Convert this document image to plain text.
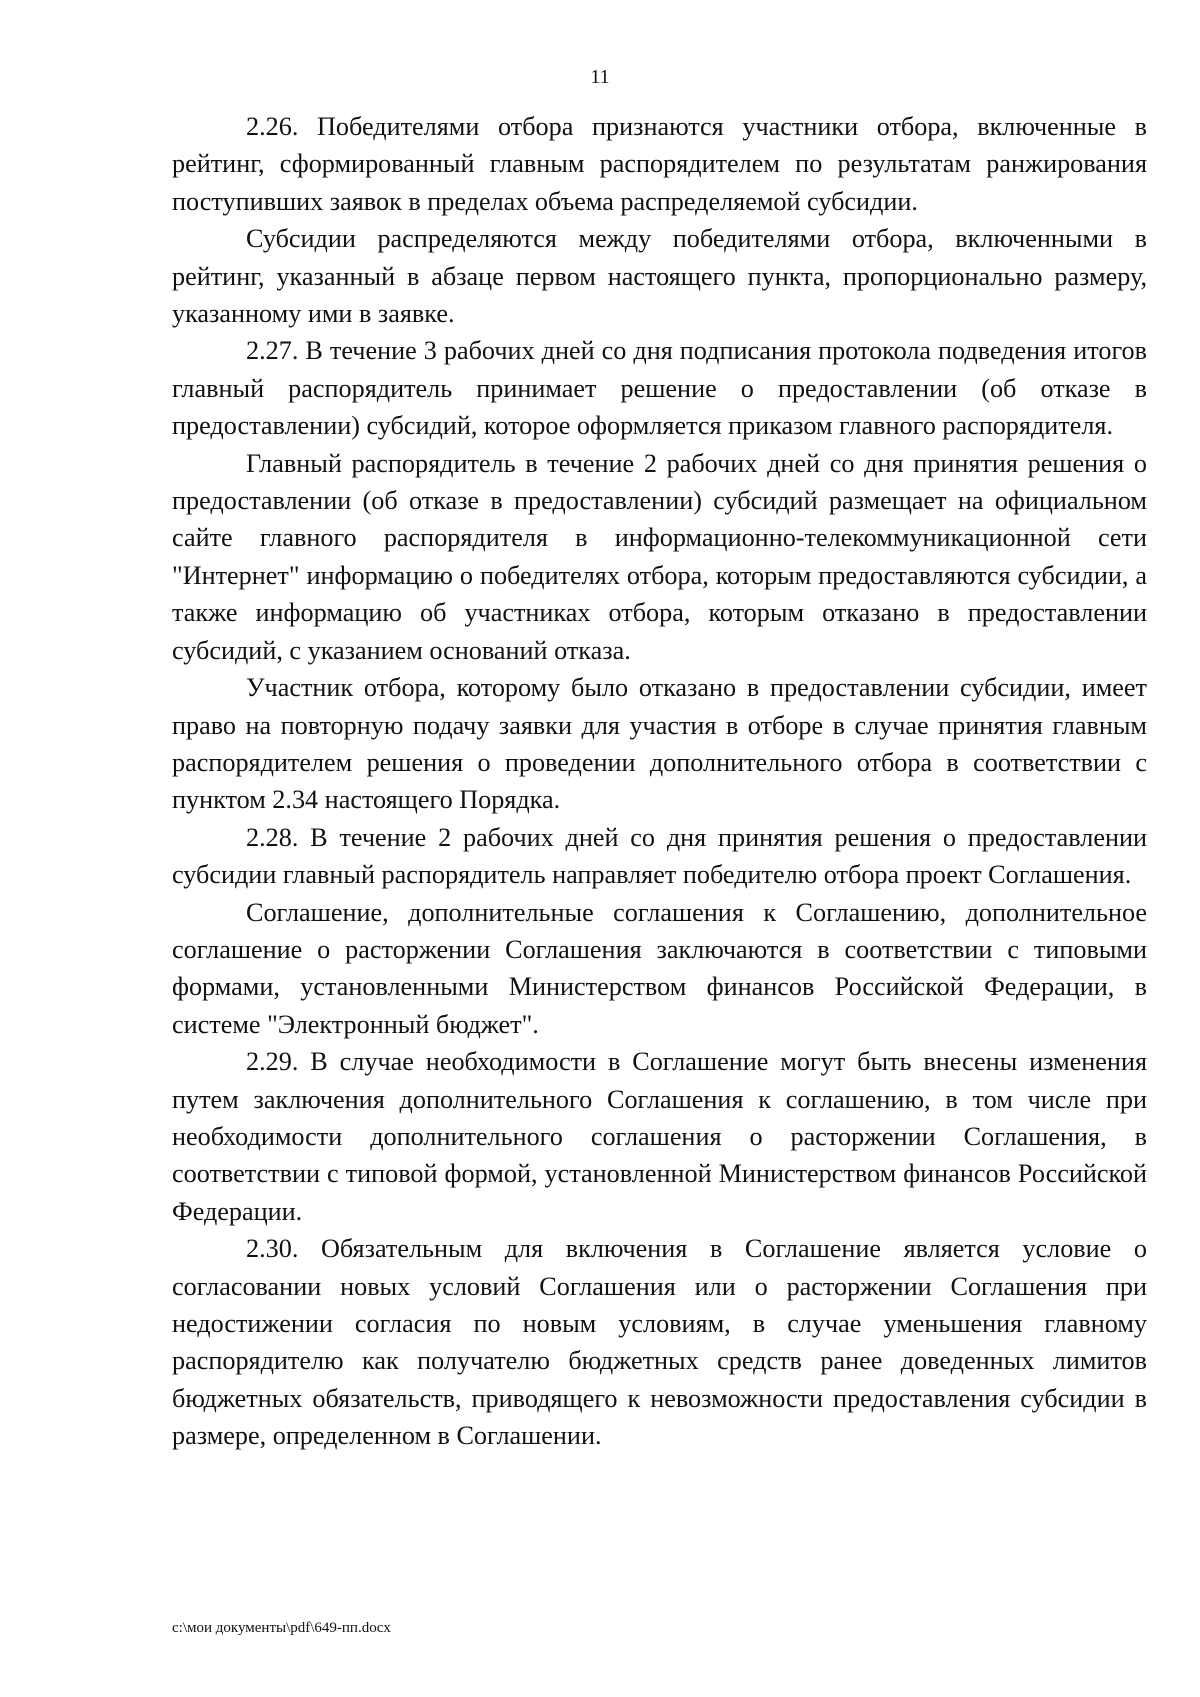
11

2.26. Победителями отбора признаются участники отбора, включенные в рейтинг, сформированный главным распорядителем по результатам ранжирования поступивших заявок в пределах объема распределяемой субсидии.

Субсидии распределяются между победителями отбора, включенными в рейтинг, указанный в абзаце первом настоящего пункта, пропорционально размеру, указанному ими в заявке.

2.27. В течение 3 рабочих дней со дня подписания протокола подведения итогов главный распорядитель принимает решение о предоставлении (об отказе в предоставлении) субсидий, которое оформляется приказом главного распорядителя.

Главный распорядитель в течение 2 рабочих дней со дня принятия решения о предоставлении (об отказе в предоставлении) субсидий размещает на официальном сайте главного распорядителя в информационно-телекоммуникационной сети "Интернет" информацию о победителях отбора, которым предоставляются субсидии, а также информацию об участниках отбора, которым отказано в предоставлении субсидий, с указанием оснований отказа.

Участник отбора, которому было отказано в предоставлении субсидии, имеет право на повторную подачу заявки для участия в отборе в случае принятия главным распорядителем решения о проведении дополнительного отбора в соответствии с пунктом 2.34 настоящего Порядка.

2.28. В течение 2 рабочих дней со дня принятия решения о предоставлении субсидии главный распорядитель направляет победителю отбора проект Соглашения.

Соглашение, дополнительные соглашения к Соглашению, дополнительное соглашение о расторжении Соглашения заключаются в соответствии с типовыми формами, установленными Министерством финансов Российской Федерации, в системе "Электронный бюджет".

2.29. В случае необходимости в Соглашение могут быть внесены изменения путем заключения дополнительного Соглашения к соглашению, в том числе при необходимости дополнительного соглашения о расторжении Соглашения, в соответствии с типовой формой, установленной Министерством финансов Российской Федерации.

2.30. Обязательным для включения в Соглашение является условие о согласовании новых условий Соглашения или о расторжении Соглашения при недостижении согласия по новым условиям, в случае уменьшения главному распорядителю как получателю бюджетных средств ранее доведенных лимитов бюджетных обязательств, приводящего к невозможности предоставления субсидии в размере, определенном в Соглашении.

c:\мои документы\pdf\649-пп.docx
